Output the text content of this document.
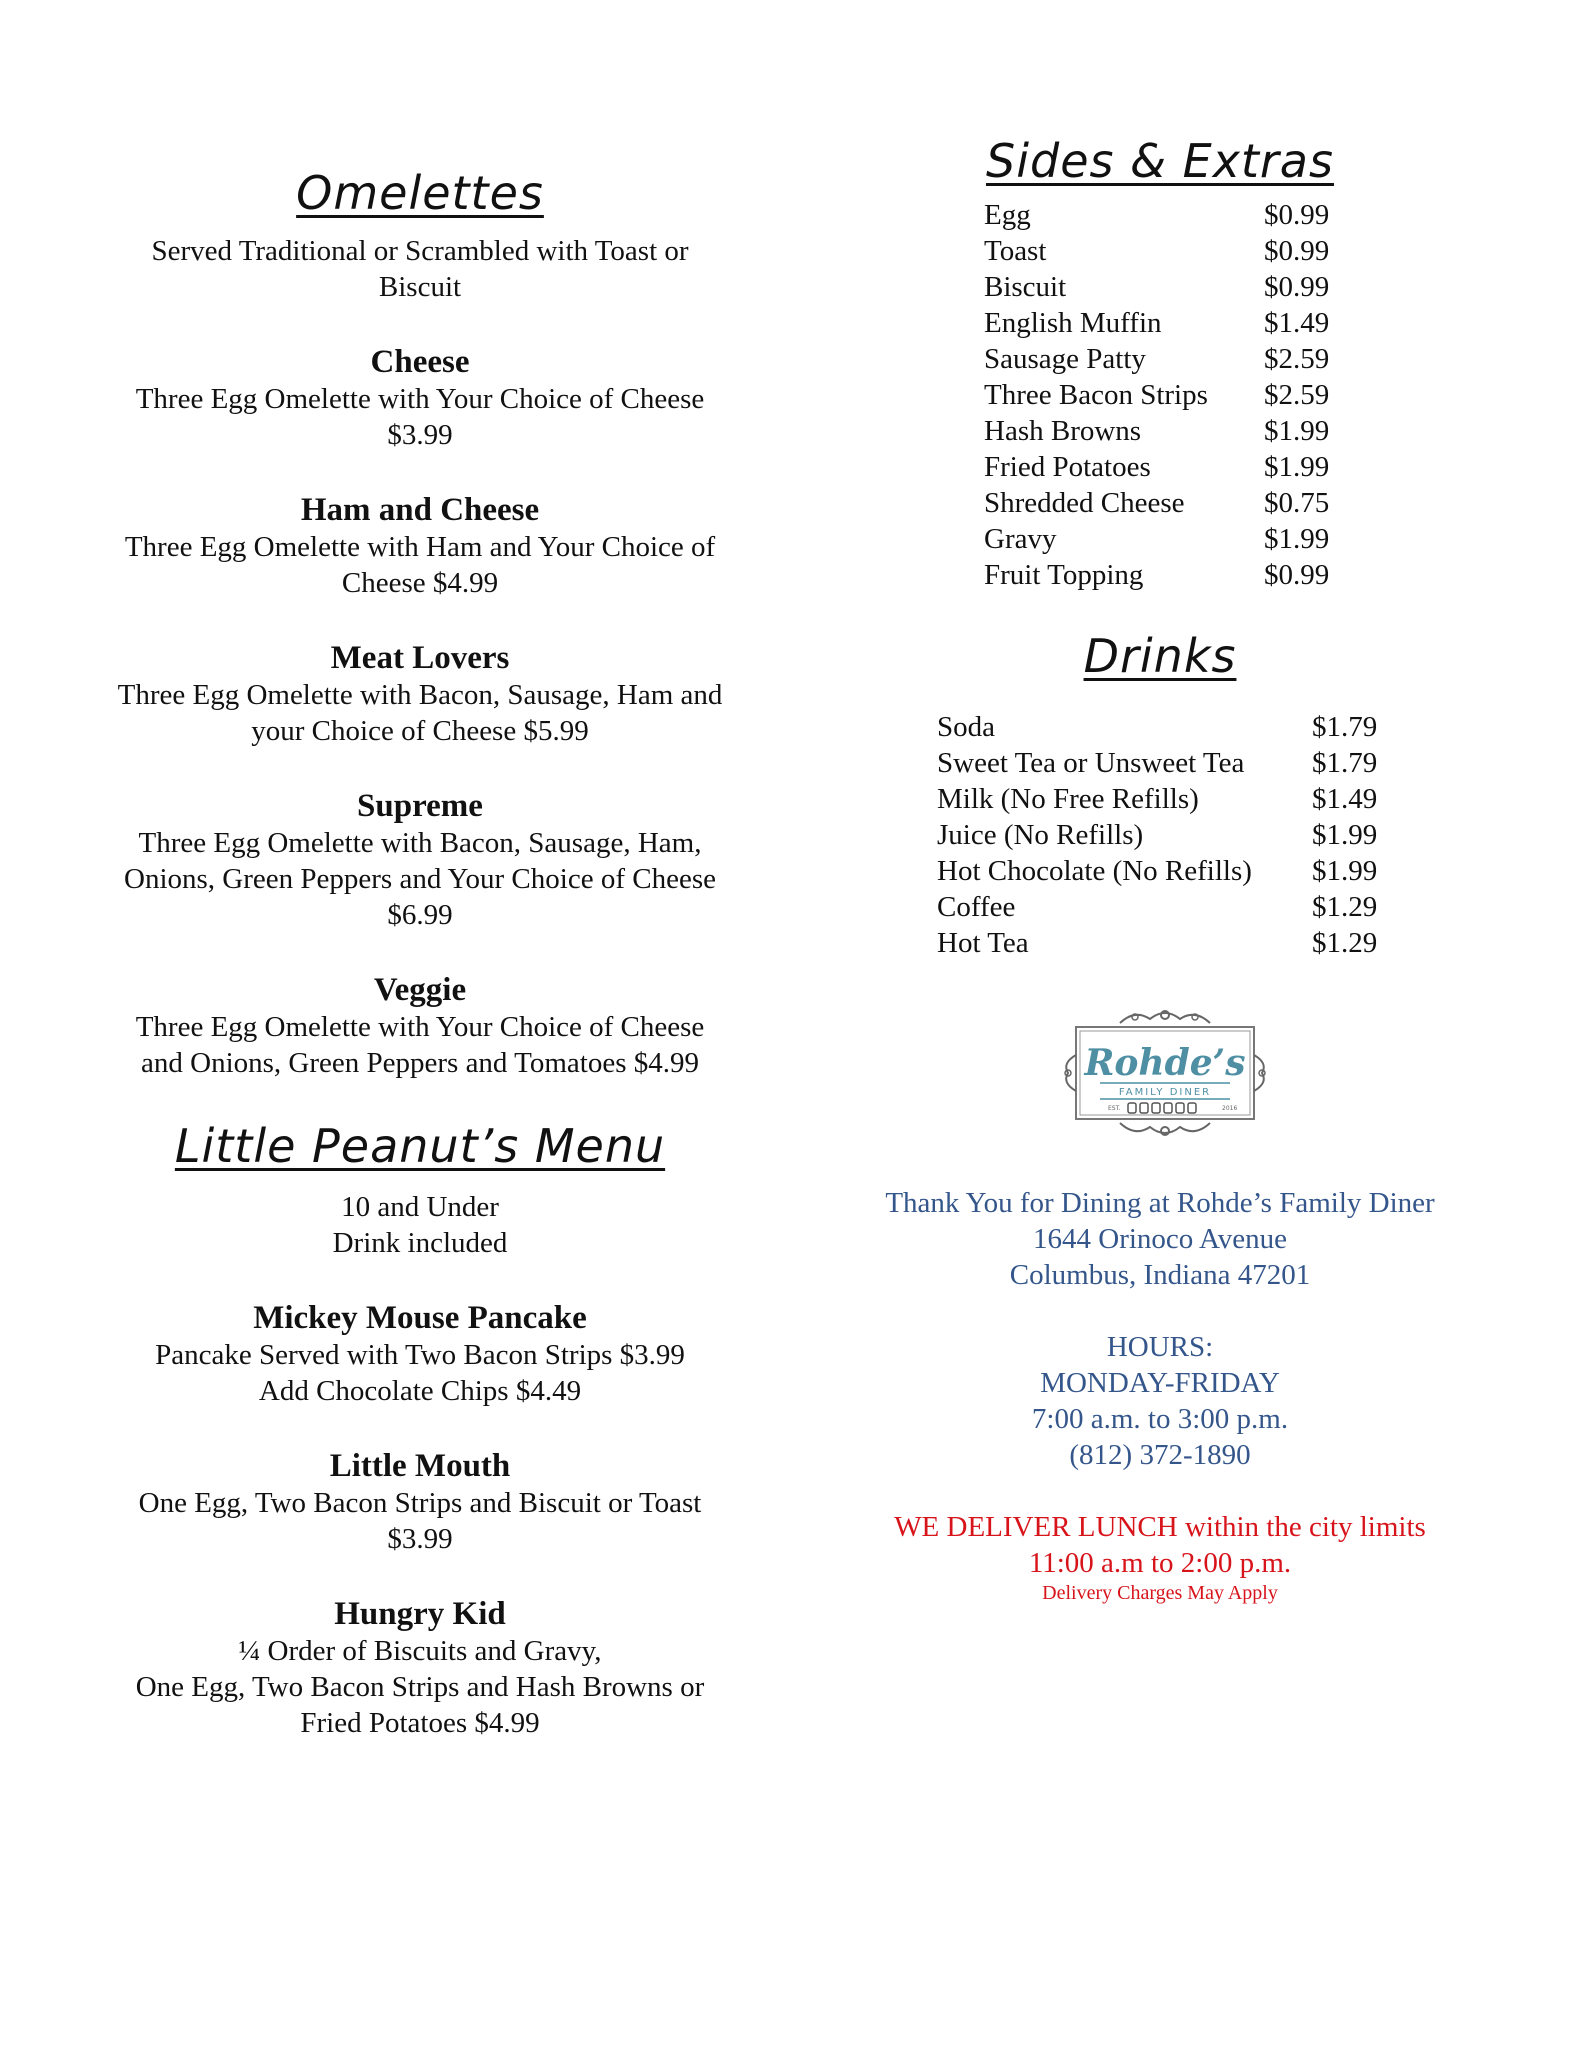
Omelettes

Served Traditional or Scrambled with Toast or

Biscuit

Cheese

Three Egg Omelette with Your Choice of Cheese

$3.99

Ham and Cheese

Three Egg Omelette with Ham and Your Choice of

Cheese $4.99

Meat Lovers

Three Egg Omelette with Bacon, Sausage, Ham and

your Choice of Cheese $5.99

Supreme

Three Egg Omelette with Bacon, Sausage, Ham,

Onions, Green Peppers and Your Choice of Cheese

$6.99

Veggie

Three Egg Omelette with Your Choice of Cheese

and Onions, Green Peppers and Tomatoes $4.99

Little Peanut’s Menu

10 and Under

Drink included

Mickey Mouse Pancake

Pancake Served with Two Bacon Strips $3.99

Add Chocolate Chips $4.49

Little Mouth

One Egg, Two Bacon Strips and Biscuit or Toast

$3.99

Hungry Kid

¼ Order of Biscuits and Gravy,

One Egg, Two Bacon Strips and Hash Browns or

Fried Potatoes $4.99

Sides & Extras
Egg	$0.99
Toast	$0.99
Biscuit	$0.99
English Muffin	$1.49
Sausage Patty	$2.59
Three Bacon Strips	$2.59
Hash Browns	$1.99
Fried Potatoes	$1.99
Shredded Cheese	$0.75
Gravy	$1.99
Fruit Topping	$0.99
Drinks
Soda	$1.79
Sweet Tea or Unsweet Tea	$1.79
Milk (No Free Refills)	$1.49
Juice (No Refills)	$1.99
Hot Chocolate (No Refills)	$1.99
Coffee	$1.29
Hot Tea	$1.29
Rohde’s
FAMILY DINER
EST.	2016

Thank You for Dining at Rohde’s Family Diner

1644 Orinoco Avenue

Columbus, Indiana 47201

HOURS:

MONDAY-FRIDAY

7:00 a.m. to 3:00 p.m.

(812) 372-1890

WE DELIVER LUNCH within the city limits

11:00 a.m to 2:00 p.m.

Delivery Charges May Apply
